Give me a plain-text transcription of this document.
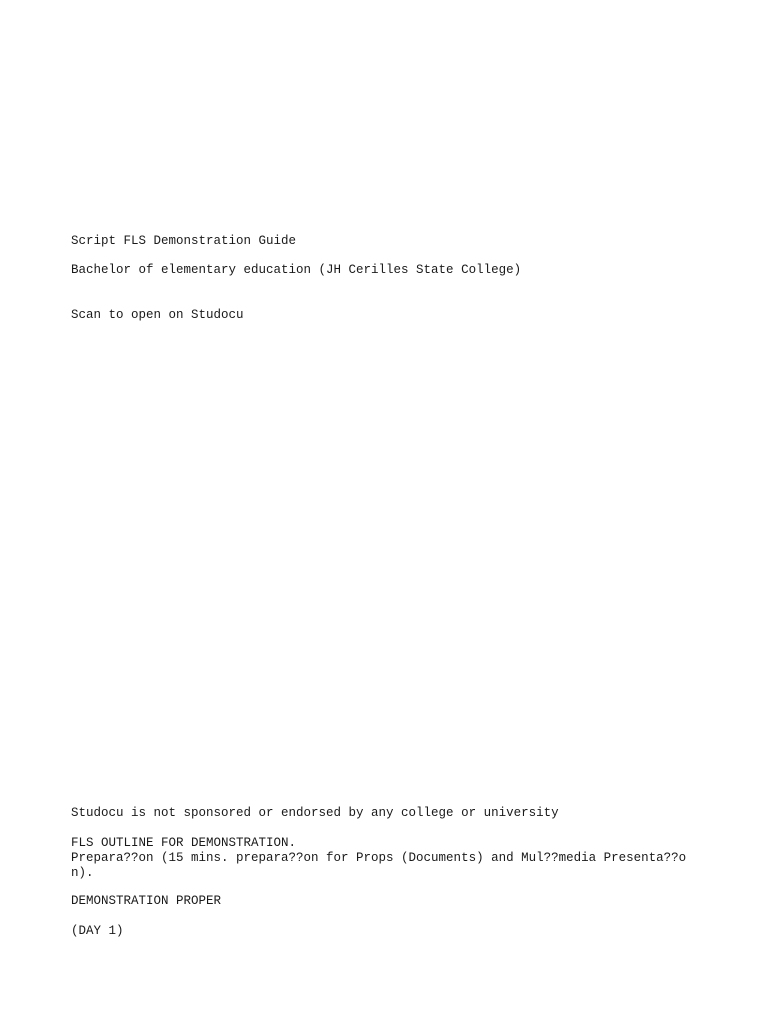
Script FLS Demonstration Guide
Bachelor of elementary education (JH Cerilles State College)
Scan to open on Studocu
Studocu is not sponsored or endorsed by any college or university
FLS OUTLINE FOR DEMONSTRATION.
Prepara??on (15 mins. prepara??on for Props (Documents) and Mul??media Presenta??on).
DEMONSTRATION PROPER
(DAY 1)
